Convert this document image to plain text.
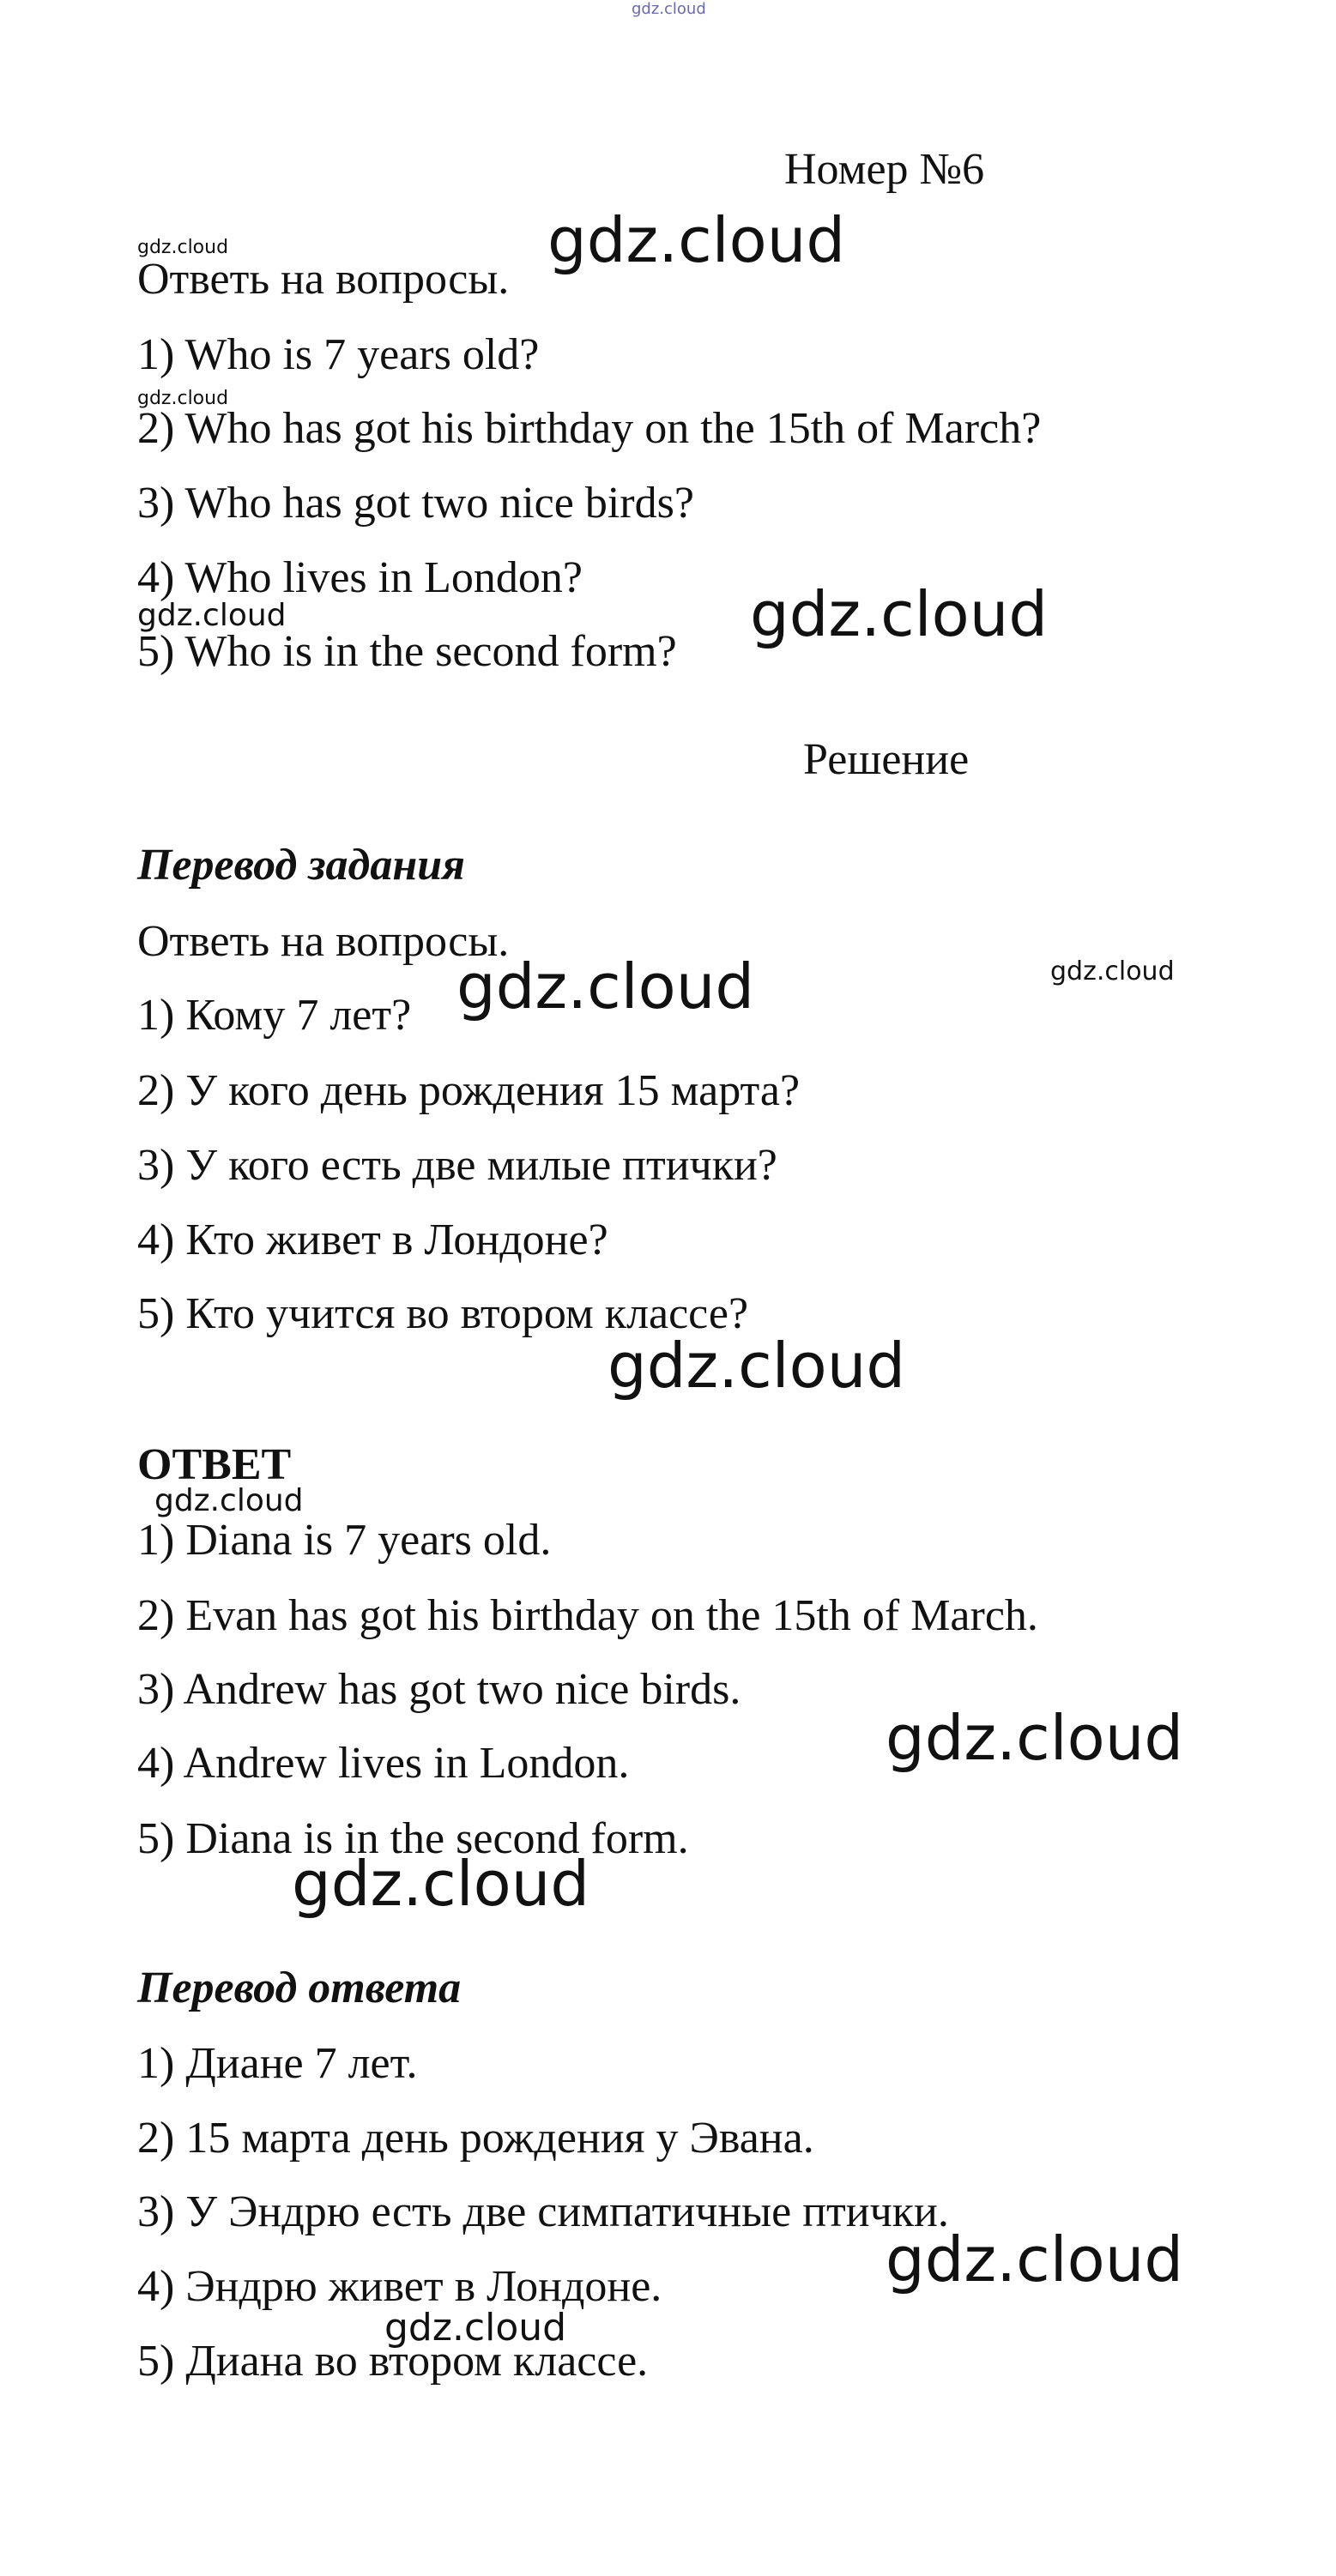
gdz.cloud
Номер №6
Ответь на вопросы.
1) Who is 7 years old?
2) Who has got his birthday on the 15th of March?
3) Who has got two nice birds?
4) Who lives in London?
5) Who is in the second form?
Решение
Перевод задания
Ответь на вопросы.
1) Кому 7 лет?
2) У кого день рождения 15 марта?
3) У кого есть две милые птички?
4) Кто живет в Лондоне?
5) Кто учится во втором классе?
ОТВЕТ
1) Diana is 7 years old.
2) Evan has got his birthday on the 15th of March.
3) Andrew has got two nice birds.
4) Andrew lives in London.
5) Diana is in the second form.
Перевод ответа
1) Диане 7 лет.
2) 15 марта день рождения у Эвана.
3) У Эндрю есть две симпатичные птички.
4) Эндрю живет в Лондоне.
5) Диана во втором классе.
gdz.cloud
gdz.cloud
gdz.cloud
gdz.cloud	gdz.cloud
gdz.cloud	gdz.cloud
gdz.cloud
gdz.cloud
gdz.cloud
gdz.cloud
gdz.cloud
gdz.cloud
